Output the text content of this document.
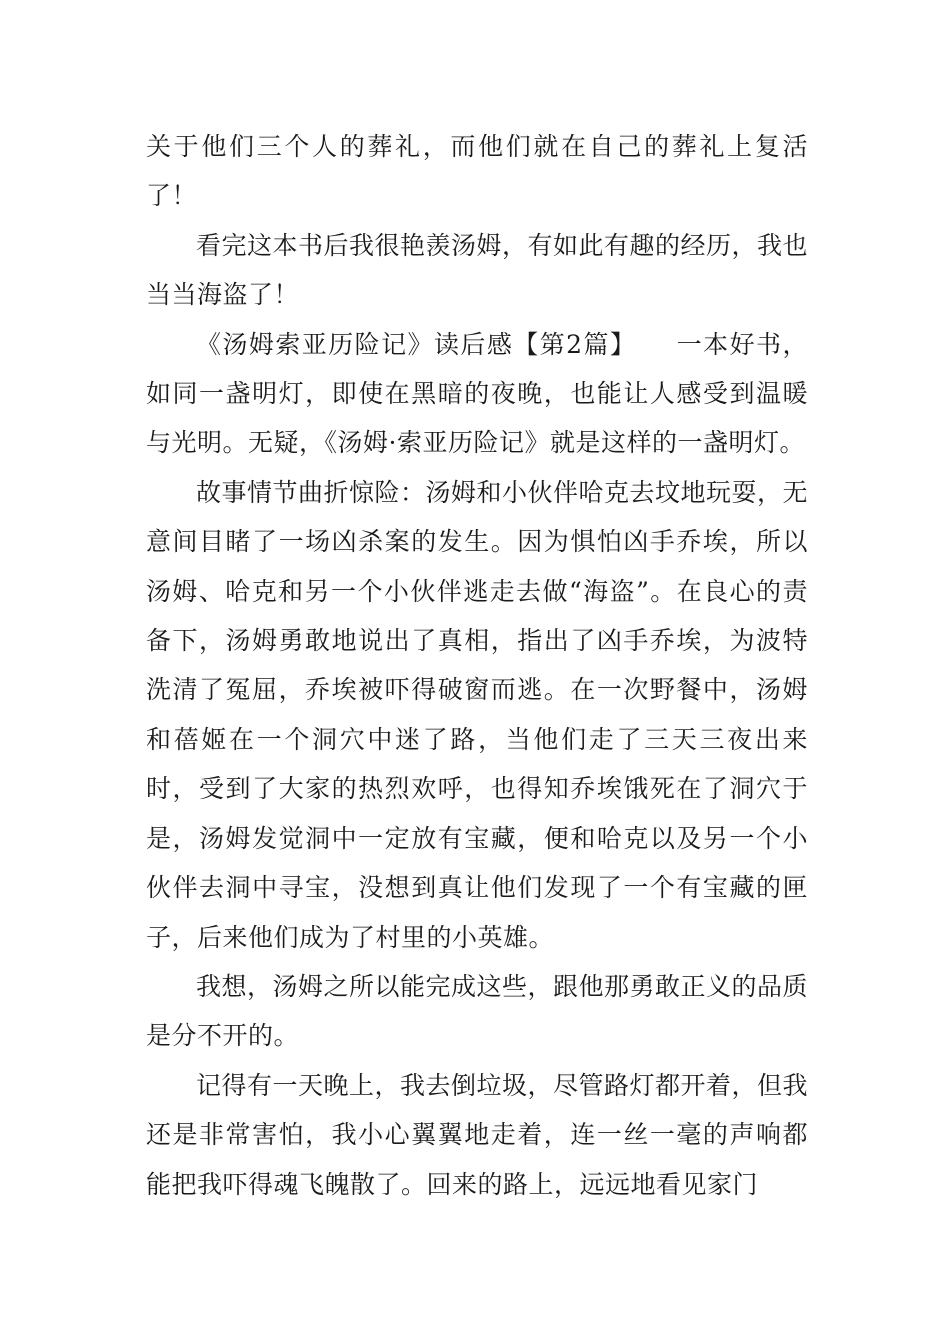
关于他们三个人的葬礼，而他们就在自己的葬礼上复活了！

看完这本书后我很艳羡汤姆，有如此有趣的经历，我也当当海盗了！

《汤姆索亚历险记》读后感【第2篇】　　一本好书，如同一盏明灯，即使在黑暗的夜晚，也能让人感受到温暖与光明。无疑，《汤姆·索亚历险记》就是这样的一盏明灯。

故事情节曲折惊险：汤姆和小伙伴哈克去坟地玩耍，无意间目睹了一场凶杀案的发生。因为惧怕凶手乔埃，所以汤姆、哈克和另一个小伙伴逃走去做“海盗”。在良心的责备下，汤姆勇敢地说出了真相，指出了凶手乔埃，为波特洗清了冤屈，乔埃被吓得破窗而逃。在一次野餐中，汤姆和蓓姬在一个洞穴中迷了路，当他们走了三天三夜出来时，受到了大家的热烈欢呼，也得知乔埃饿死在了洞穴于是，汤姆发觉洞中一定放有宝藏，便和哈克以及另一个小伙伴去洞中寻宝，没想到真让他们发现了一个有宝藏的匣子，后来他们成为了村里的小英雄。

我想，汤姆之所以能完成这些，跟他那勇敢正义的品质是分不开的。

记得有一天晚上，我去倒垃圾，尽管路灯都开着，但我还是非常害怕，我小心翼翼地走着，连一丝一毫的声响都能把我吓得魂飞魄散了。回来的路上，远远地看见家门
